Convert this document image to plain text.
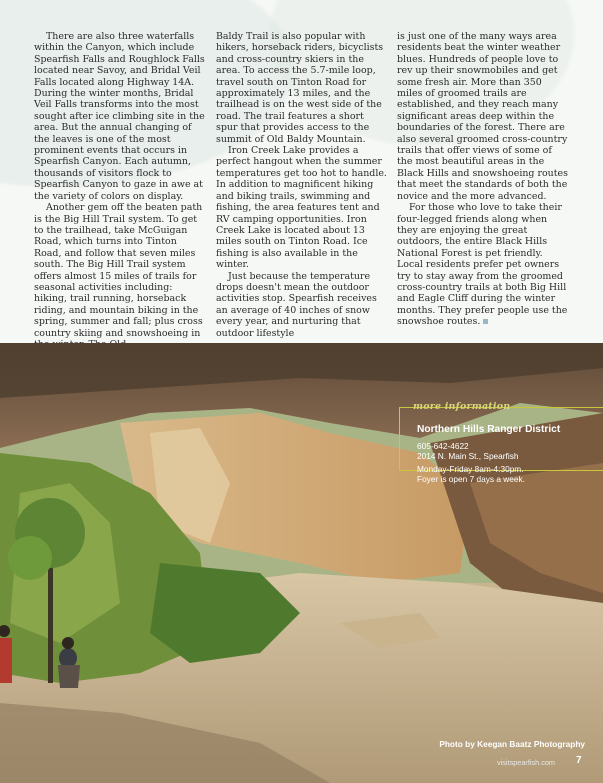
There are also three waterfalls within the Canyon, which include Spearfish Falls and Roughlock Falls located near Savoy, and Bridal Veil Falls located along Highway 14A. During the winter months, Bridal Veil Falls transforms into the most sought after ice climbing site in the area. But the annual changing of the leaves is one of the most prominent events that occurs in Spearfish Canyon. Each autumn, thousands of visitors flock to Spearfish Canyon to gaze in awe at the variety of colors on display.

Another gem off the beaten path is the Big Hill Trail system. To get to the trailhead, take McGuigan Road, which turns into Tinton Road, and follow that seven miles south. The Big Hill Trail system offers almost 15 miles of trails for seasonal activities including: hiking, trail running, horseback riding, and mountain biking in the spring, summer and fall; plus cross country skiing and snowshoeing in

Baldy Trail is also popular with hikers, horseback riders, bicyclists and cross-country skiers in the area. To access the 5.7-mile loop, travel south on Tinton Road for approximately 13 miles, and the trailhead is on the west side of the road. The trail features a short spur that provides access to the summit of Old Baldy Mountain.

Iron Creek Lake provides a perfect hangout when the summer temperatures get too hot to handle. In addition to magnificent hiking and biking trails, swimming and fishing, the area features tent and RV camping opportunities. Iron Creek Lake is located about 13 miles south on Tinton Road. Ice fishing is also available in the winter.

Just because the temperature drops doesn't mean the outdoor activities stop. Spearfish receives an average of 40 inches of snow every year, and nurturing that outdoor lifestyle

is just one of the many ways area residents beat the winter weather blues. Hundreds of people love to rev up their snowmobiles and get some fresh air. More than 350 miles of groomed trails are established, and they reach many significant areas deep within the boundaries of the forest. There are also several groomed cross-country trails that offer views of some of the most beautiful areas in the Black Hills and snowshoeing routes that meet the standards of both the novice and the more advanced.

For those who love to take their four-legged friends along when they are enjoying the great outdoors, the entire Black Hills National Forest is pet friendly. Local residents prefer pet owners try to stay away from the groomed cross-country trails at both Big Hill and Eagle Cliff during the winter months. They prefer people use the snowshoe routes.

more information
Northern Hills Ranger District
605-642-4622
2014 N. Main St., Spearfish
Monday-Friday 8am-4:30pm.
Foyer is open 7 days a week.
Photo by Keegan Baatz Photography
visitspearfish.com 7
